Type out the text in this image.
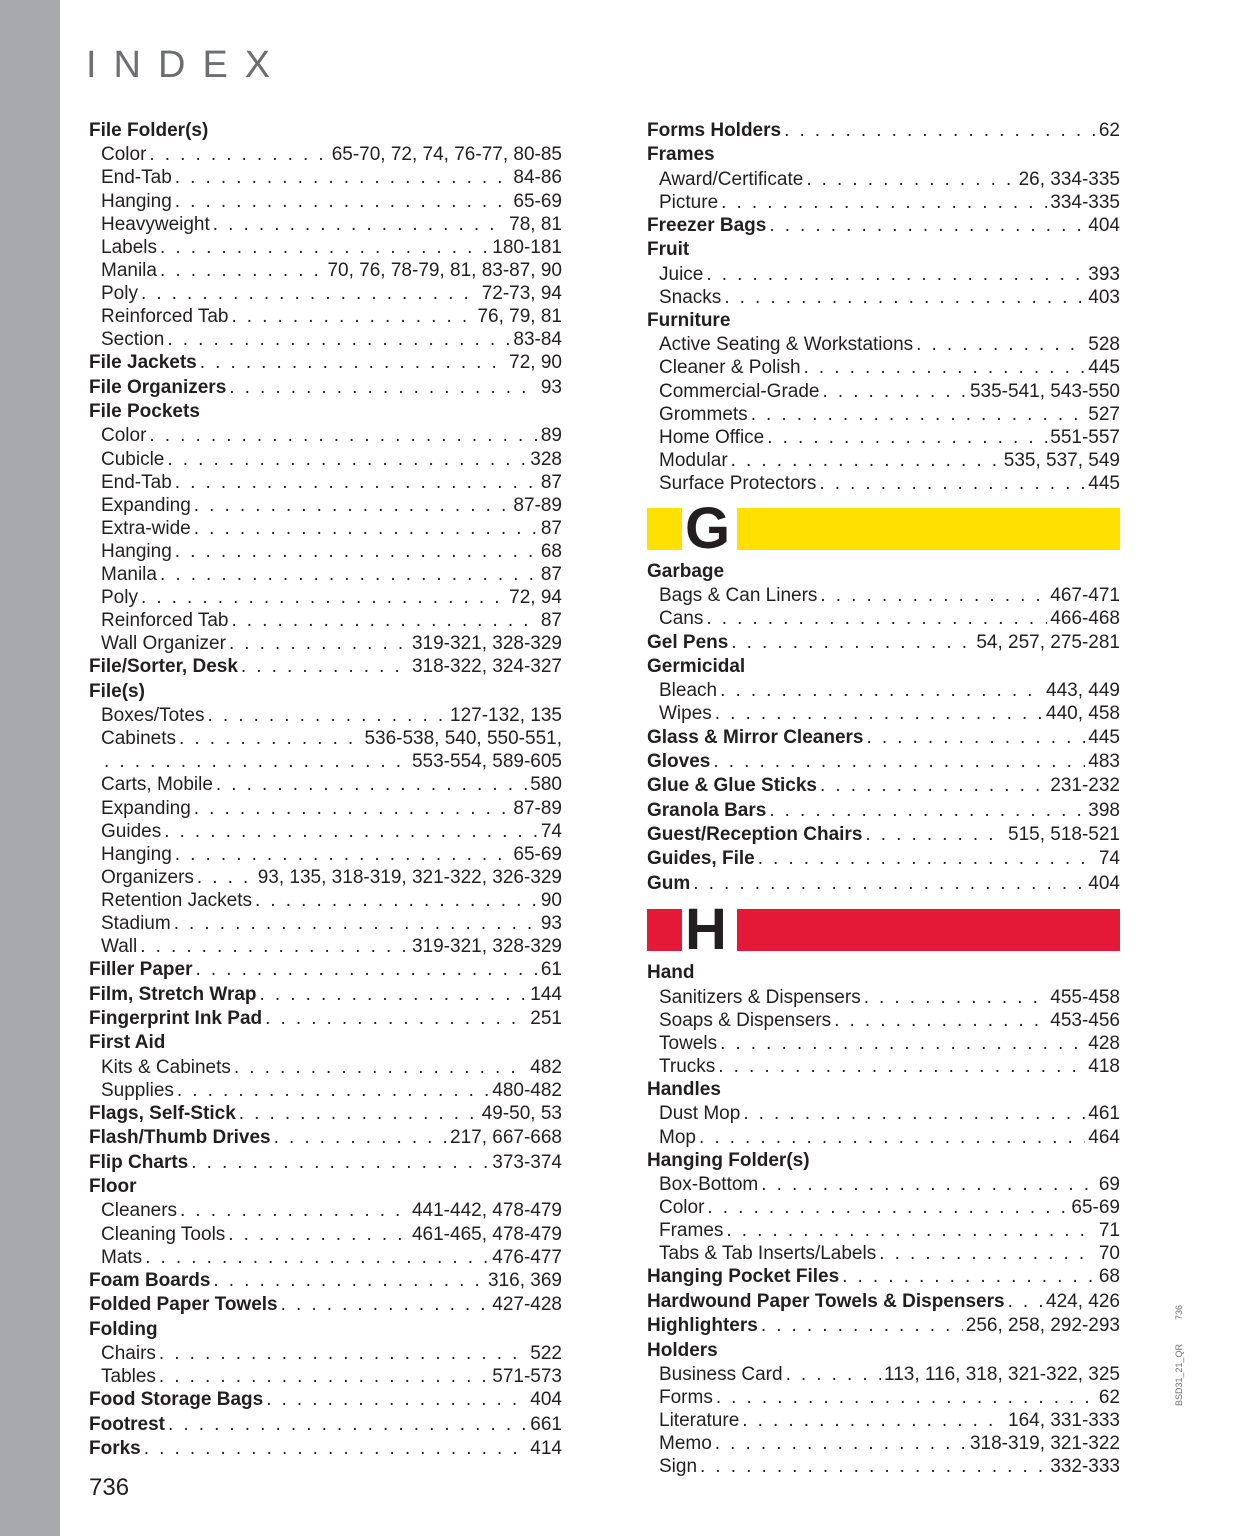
INDEX
File Folder(s)
Color . . .	65-70, 72, 74, 76-77, 80-85
End-Tab . . .	84-86
Hanging . . .	65-69
Heavyweight . . .	78, 81
Labels . . .	180-181
Manila . . .	70, 76, 78-79, 81, 83-87, 90
Poly . . .	72-73, 94
Reinforced Tab . . .	76, 79, 81
Section . . .	83-84
File Jackets . . .	72, 90
File Organizers . . .	93
File Pockets
Color . . .	89
Cubicle . . .	328
End-Tab . . .	87
Expanding . . .	87-89
Extra-wide . . .	87
Hanging . . .	68
Manila . . .	87
Poly . . .	72, 94
Reinforced Tab . . .	87
Wall Organizer . . .	319-321, 328-329
File/Sorter, Desk . . .	318-322, 324-327
File(s)
Boxes/Totes . . .	127-132, 135
Cabinets . . .	536-538, 540, 550-551,
. . .
553-554, 589-605
Carts, Mobile . . .	580
Expanding . . .	87-89
Guides . . .	74
Hanging . . .	65-69
Organizers . . .	93, 135, 318-319, 321-322, 326-329
Retention Jackets . . .	90
Stadium . . .	93
Wall . . .	319-321, 328-329
Filler Paper . . .	61
Film, Stretch Wrap . . .	144
Fingerprint Ink Pad . . .	251
First Aid
Kits & Cabinets . . .	482
Supplies . . .	480-482
Flags, Self-Stick . . .	49-50, 53
Flash/Thumb Drives . . .	217, 667-668
Flip Charts . . .	373-374
Floor
Cleaners . . .	441-442, 478-479
Cleaning Tools . . .	461-465, 478-479
Mats . . .	476-477
Foam Boards . . .	316, 369
Folded Paper Towels . . .	427-428
Folding
Chairs . . .	522
Tables . . .	571-573
Food Storage Bags . . .	404
Footrest . . .	661
Forks . . .	414
Forms Holders . . .	62
Frames
Award/Certificate . . .	26, 334-335
Picture . . .	334-335
Freezer Bags . . .	404
Fruit
Juice . . .	393
Snacks . . .	403
Furniture
Active Seating & Workstations . . .	528
Cleaner & Polish . . .	445
Commercial-Grade . . .	535-541, 543-550
Grommets . . .	527
Home Office . . .	551-557
Modular . . .	535, 537, 549
Surface Protectors . . .	445
G
Garbage
Bags & Can Liners . . .	467-471
Cans . . .	466-468
Gel Pens . . .	54, 257, 275-281
Germicidal
Bleach . . .	443, 449
Wipes . . .	440, 458
Glass & Mirror Cleaners . . .	445
Gloves . . .	483
Glue & Glue Sticks . . .	231-232
Granola Bars . . .	398
Guest/Reception Chairs . . .	515, 518-521
Guides, File . . .	74
Gum . . .	404
H
Hand
Sanitizers & Dispensers . . .	455-458
Soaps & Dispensers . . .	453-456
Towels . . .	428
Trucks . . .	418
Handles
Dust Mop . . .	461
Mop . . .	464
Hanging Folder(s)
Box-Bottom . . .	69
Color . . .	65-69
Frames . . .	71
Tabs & Tab Inserts/Labels . . .	70
Hanging Pocket Files . . .	68
Hardwound Paper Towels & Dispensers . . . 424, 426
Highlighters . . .	256, 258, 292-293
Holders
Business Card . . .	113, 116, 318, 321-322, 325
Forms . . .	62
Literature . . .	164, 331-333
Memo . . .	318-319, 321-322
Sign . . .	332-333
736
736
BSD31_21_QR
